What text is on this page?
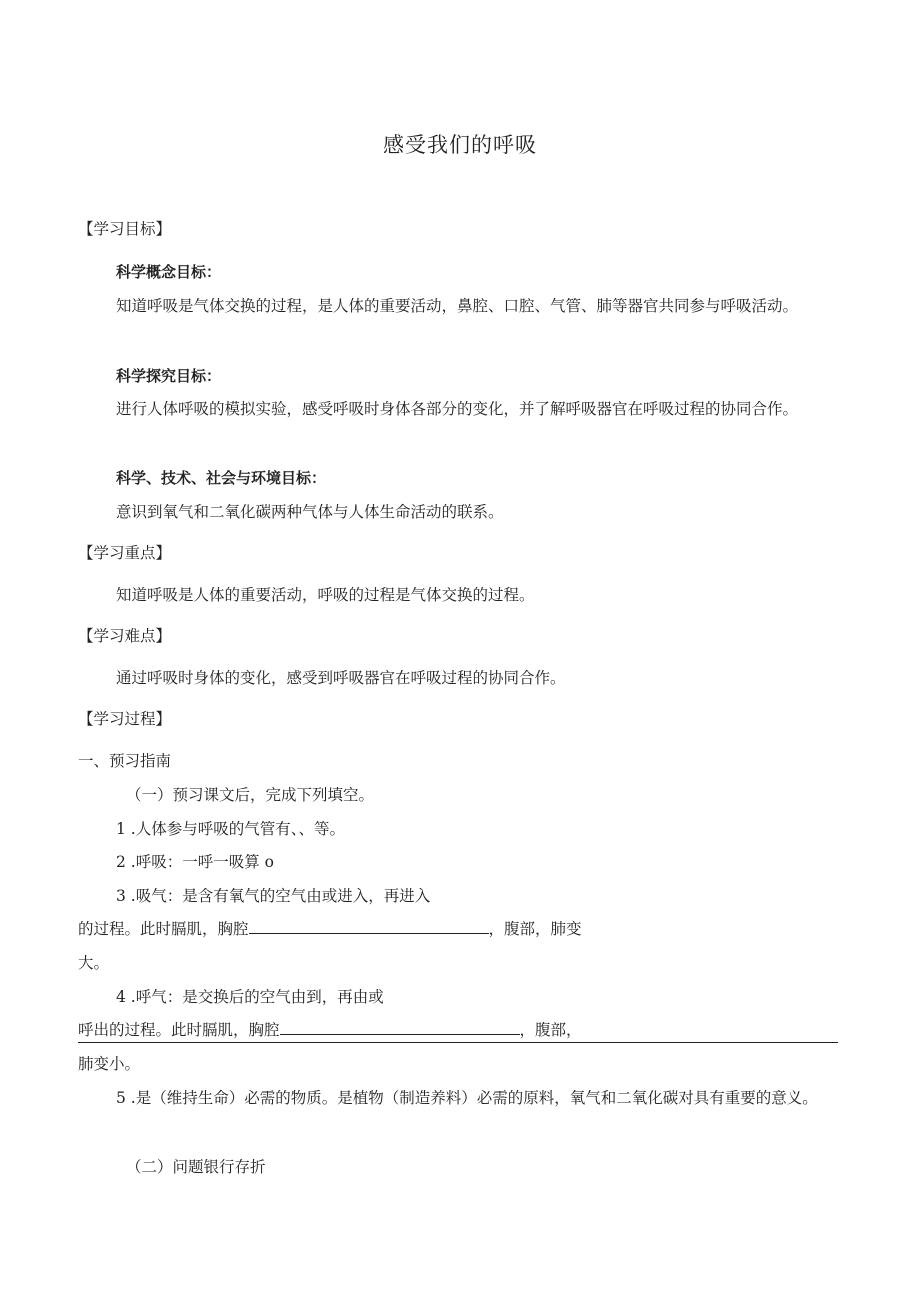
感受我们的呼吸
【学习目标】
科学概念目标：
知道呼吸是气体交换的过程，是人体的重要活动，鼻腔、口腔、气管、肺等器官共同参与呼吸活动。
科学探究目标：
进行人体呼吸的模拟实验，感受呼吸时身体各部分的变化，并了解呼吸器官在呼吸过程的协同合作。
科学、技术、社会与环境目标：
意识到氧气和二氧化碳两种气体与人体生命活动的联系。
【学习重点】
知道呼吸是人体的重要活动，呼吸的过程是气体交换的过程。
【学习难点】
通过呼吸时身体的变化，感受到呼吸器官在呼吸过程的协同合作。
【学习过程】
一、预习指南
（一）预习课文后，完成下列填空。
1 .人体参与呼吸的气管有、、等。
2 .呼吸：一呼一吸算 o
3 .吸气：是含有氧气的空气由或进入，再进入
的过程。此时膈肌，胸腔	，腹部，肺变
大。
4 .呼气：是交换后的空气由到，再由或
呼出的过程。此时膈肌，胸腔	，腹部，
肺变小。
5 .是（维持生命）必需的物质。是植物（制造养料）必需的原料，氧气和二氧化碳对具有重要的意义。
（二）问题银行存折
